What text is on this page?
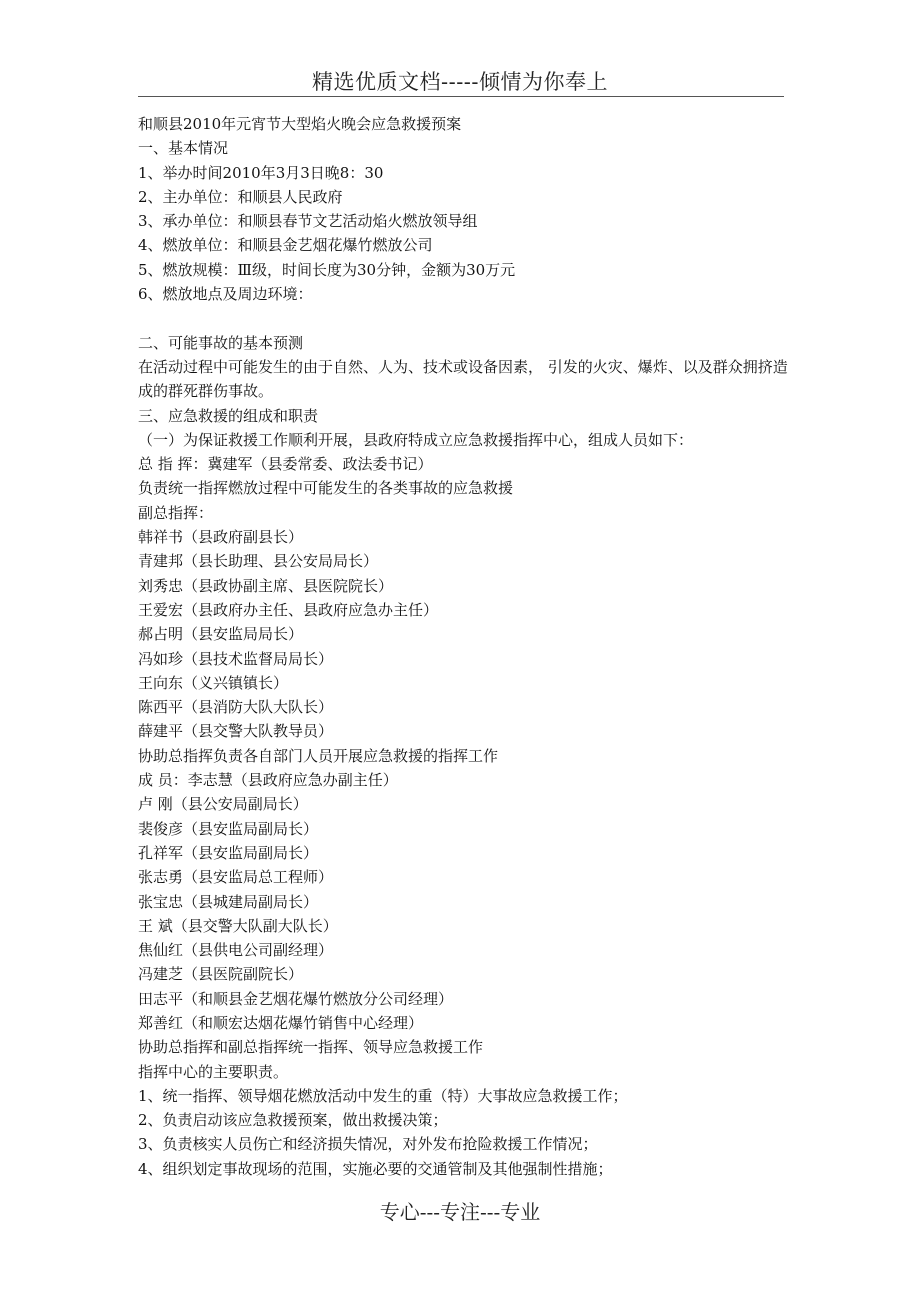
精选优质文档-----倾情为你奉上
和顺县2010年元宵节大型焰火晚会应急救援预案
一、基本情况
1、举办时间2010年3月3日晚8：30
2、主办单位：和顺县人民政府
3、承办单位：和顺县春节文艺活动焰火燃放领导组
4、燃放单位：和顺县金艺烟花爆竹燃放公司
5、燃放规模：Ⅲ级，时间长度为30分钟，金额为30万元
6、燃放地点及周边环境：
二、可能事故的基本预测
在活动过程中可能发生的由于自然、人为、技术或设备因素， 引发的火灾、爆炸、以及群众拥挤造成的群死群伤事故。
三、应急救援的组成和职责
（一）为保证救援工作顺利开展，县政府特成立应急救援指挥中心，组成人员如下：
总 指 挥：冀建军（县委常委、政法委书记）
负责统一指挥燃放过程中可能发生的各类事故的应急救援
副总指挥：
韩祥书（县政府副县长）
青建邦（县长助理、县公安局局长）
刘秀忠（县政协副主席、县医院院长）
王爱宏（县政府办主任、县政府应急办主任）
郝占明（县安监局局长）
冯如珍（县技术监督局局长）
王向东（义兴镇镇长）
陈西平（县消防大队大队长）
薛建平（县交警大队教导员）
协助总指挥负责各自部门人员开展应急救援的指挥工作
成 员：李志慧（县政府应急办副主任）
卢 刚（县公安局副局长）
裴俊彦（县安监局副局长）
孔祥军（县安监局副局长）
张志勇（县安监局总工程师）
张宝忠（县城建局副局长）
王 斌（县交警大队副大队长）
焦仙红（县供电公司副经理）
冯建芝（县医院副院长）
田志平（和顺县金艺烟花爆竹燃放分公司经理）
郑善红（和顺宏达烟花爆竹销售中心经理）
协助总指挥和副总指挥统一指挥、领导应急救援工作
指挥中心的主要职责。
1、统一指挥、领导烟花燃放活动中发生的重（特）大事故应急救援工作；
2、负责启动该应急救援预案，做出救援决策；
3、负责核实人员伤亡和经济损失情况，对外发布抢险救援工作情况；
4、组织划定事故现场的范围，实施必要的交通管制及其他强制性措施；
专心---专注---专业
